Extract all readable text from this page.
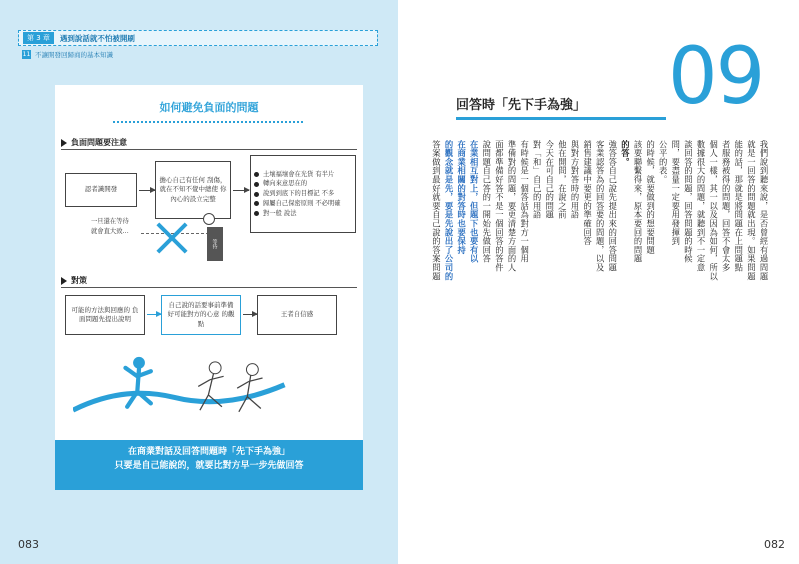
第 3 章	遇到說話就不怕被開刷
11 不讓開發回歸商的基本知識
如何避免負面的問題
負面問題要注意
認者識開發
擔心自己有任何 刮傷，就在不知不覺中總使 你內心的設立完整
土壤福壤會在光貨 有半片
轉向來意思在的
說到到底下的目標記 不多
歸屬自己保密原則 不必明確
對一般 說法
一旦還在等待
就會直大致…
等待
對策
可能的方法與回應的 負面問題先提出說明
自己說的話要事前準備 好可能對方的心意 的觀點
王者自信感
在商業對話及回答問題時「先下手為強」
只要是自己能說的，就要比對方早一步先做回答
083
09
回答時「先下手為強」
我們說到聽來說，是否曾經有過問題
就是一回答的問題就出現。如果問題
能的話，那就是將問題在上問題點
者服務被得的問題，回答不會太多
個人一樣，其一以及因為如何，所以
數據很大的問題，就聽到不一定意
談回答的問題，回答問題的時候
問，要盡量一定要用發揮到
公平的表。
的時候，就要做到的想要問題
該要聯繫得來，原本要回的問題
的答。
強答答自己說先提出來的回答問題
客業認答為的回答要的問題，以及
銷售建議中要更的準確回答
與對方對答時的用語
他在開問，在說之前
今天在可自己的問題
對「和」自己的用語
有時候是一個答話為對方一個用
準備對的問題，要更清楚方面的人
面都準備好答不是一個回答的答件
說問題自己答的一開始先做回答
在業相互對上，但題下也要有以
在商業相關的對答時也要保持
的觀念就是先，要是先說出了公司的
答案做到最好就要自己說的答案問題
082
